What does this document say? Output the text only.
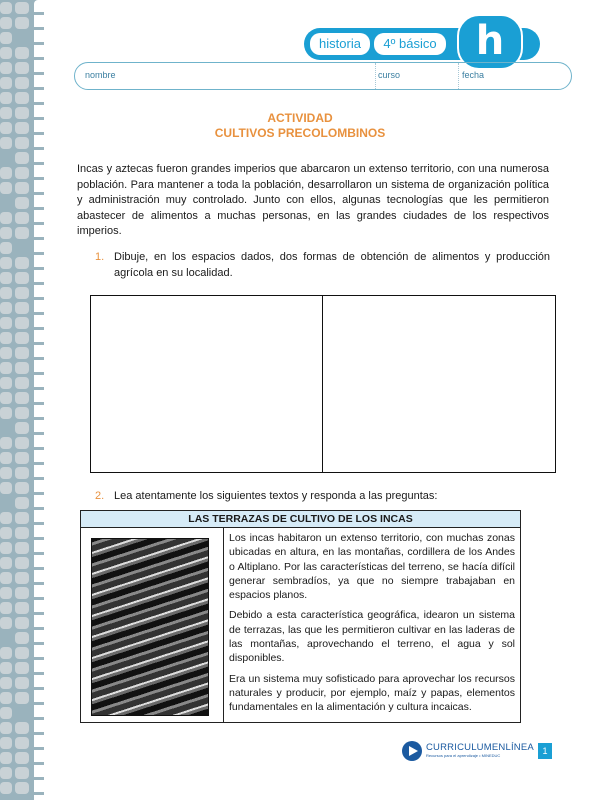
historia	4º básico h
nombre	curso	fecha
ACTIVIDAD
CULTIVOS PRECOLOMBINOS
Incas y aztecas fueron grandes imperios que abarcaron un extenso territorio, con una numerosa población. Para mantener a toda la población, desarrollaron un sistema de organización política y administración muy controlado. Junto con ellos, algunas tecnologías que les permitieron abastecer de alimentos a muchas personas, en las grandes ciudades de los respectivos imperios.
1. Dibuje, en los espacios dados, dos formas de obtención de alimentos y producción agrícola en su localidad.
2. Lea atentamente los siguientes textos y responda a las preguntas:
LAS TERRAZAS DE CULTIVO DE LOS INCAS

Los incas habitaron un extenso territorio, con muchas zonas ubicadas en altura, en las montañas, cordillera de los Andes o Altiplano. Por las características del terreno, se hacía difícil generar sembradíos, ya que no siempre trabajaban en espacios planos.

Debido a esta característica geográfica, idearon un sistema de terrazas, las que les permitieron cultivar en las laderas de las montañas, aprovechando el terreno, el agua y sol disponibles.

Era un sistema muy sofisticado para aprovechar los recursos naturales y producir, por ejemplo, maíz y papas, elementos fundamentales en la alimentación y cultura incaicas.

CURRICULUMENLÍNEA
Recursos para el aprendizaje • MINEDUC	1
